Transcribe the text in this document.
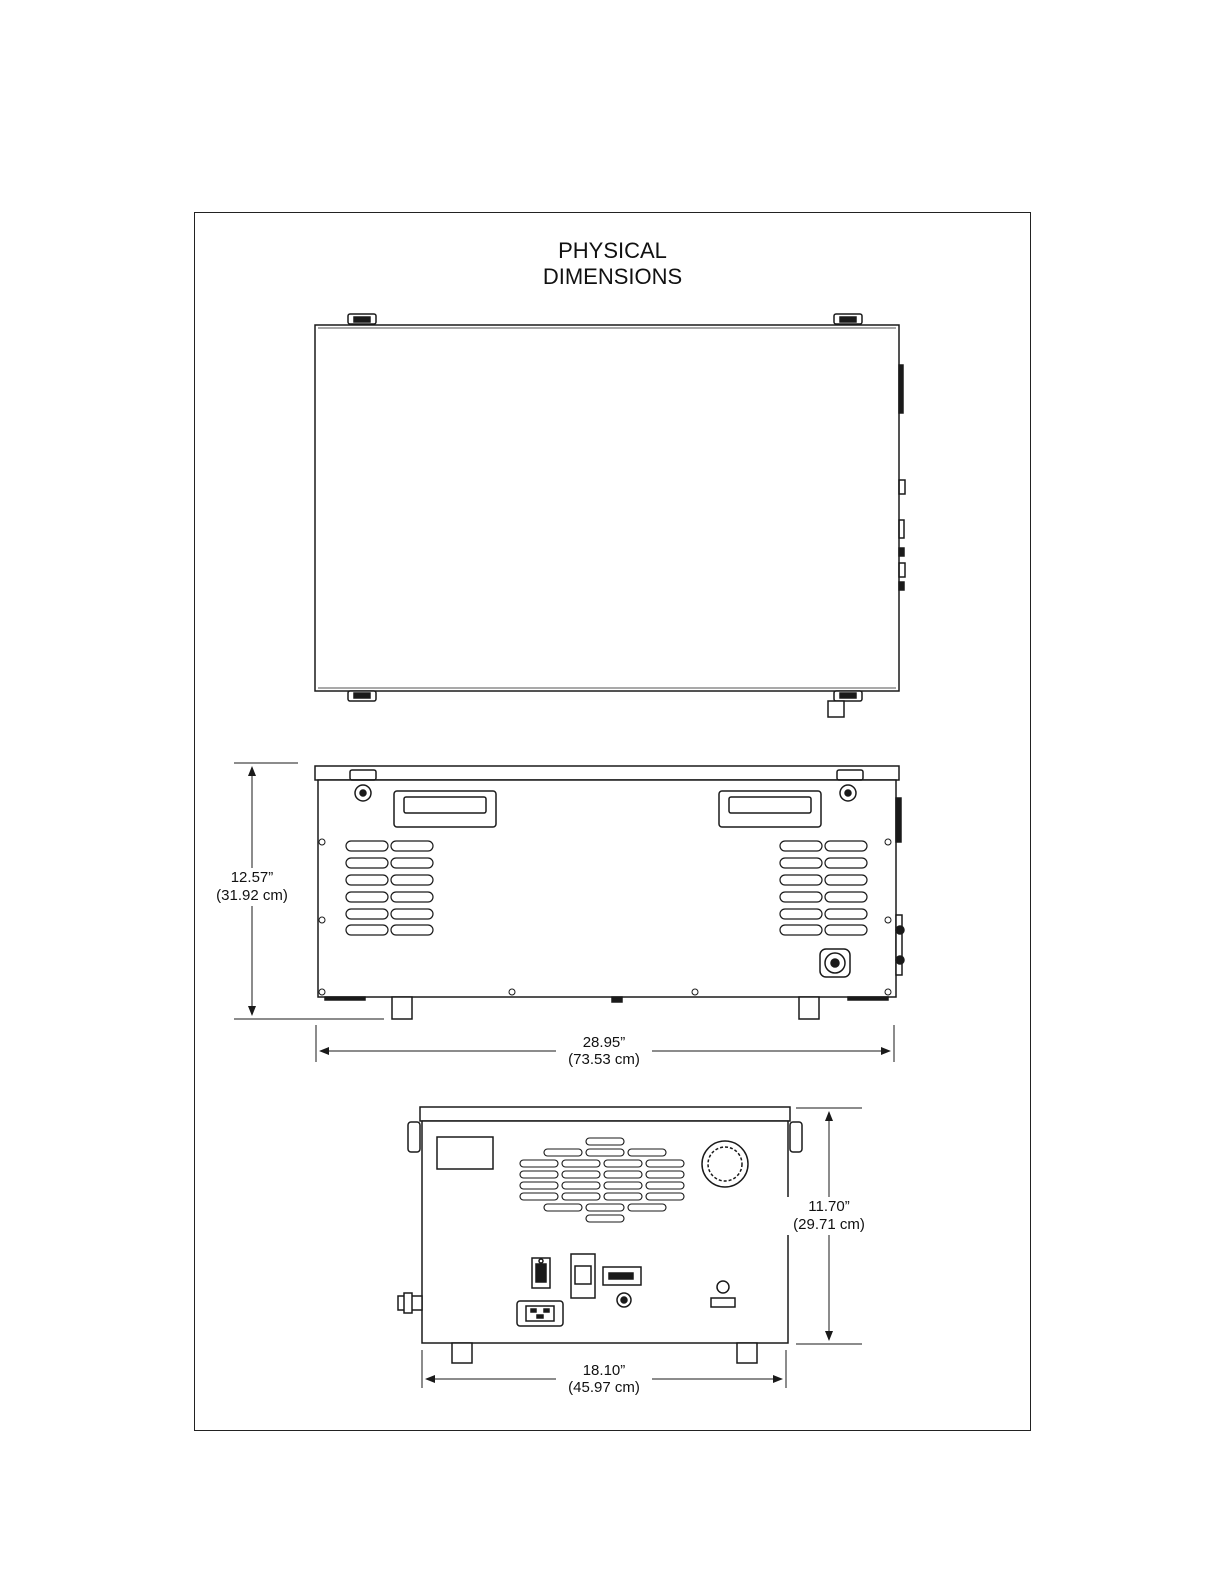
PHYSICAL
DIMENSIONS
12.57”
(31.92 cm)
28.95”
(73.53 cm)
11.70”
(29.71 cm)
18.10”
(45.97 cm)
